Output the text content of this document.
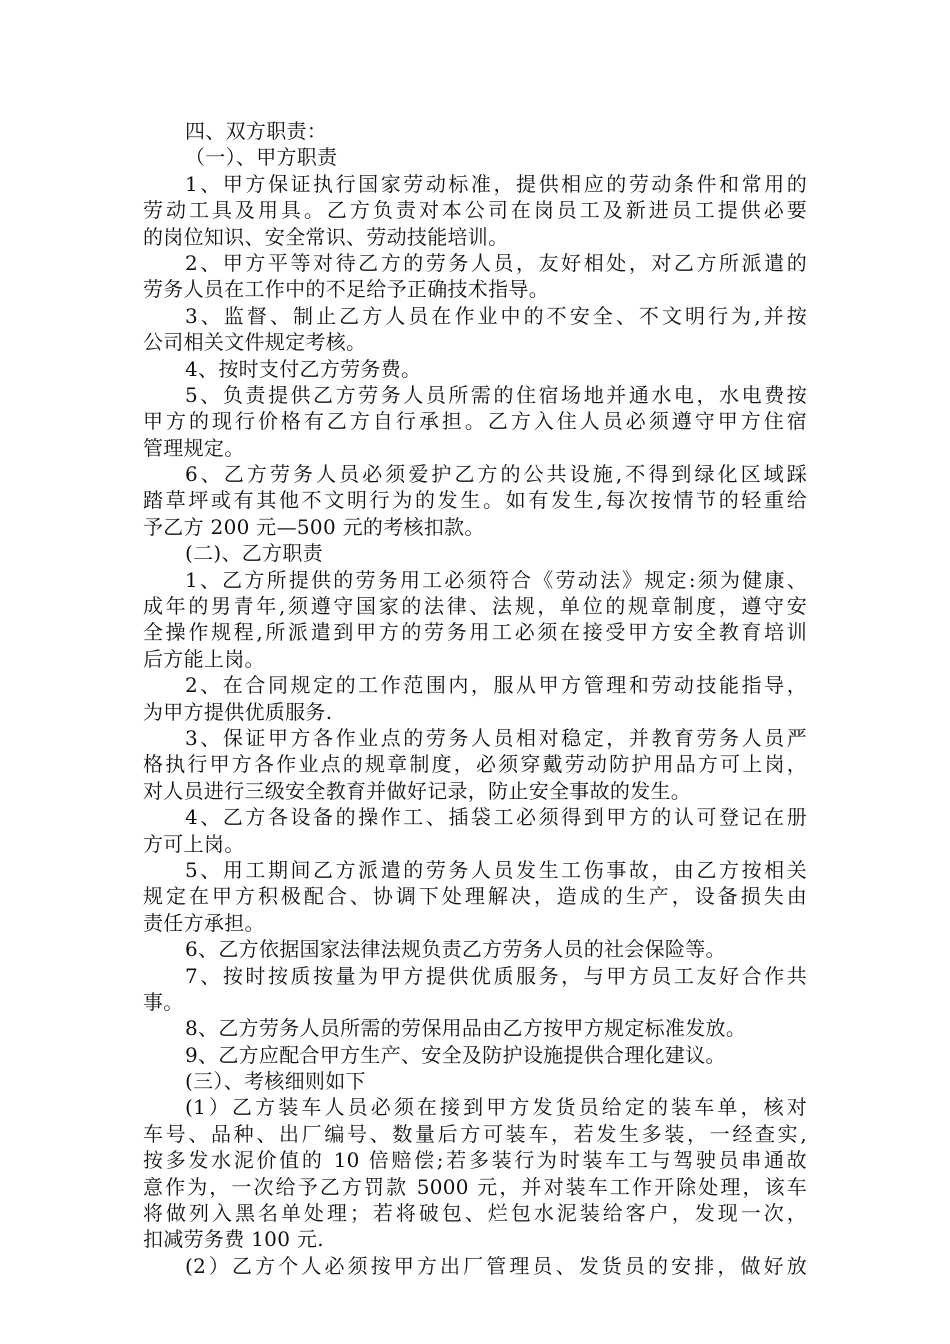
四、双方职责：
（一）、甲方职责
1、甲方保证执行国家劳动标准，提供相应的劳动条件和常用的
劳动工具及用具。乙方负责对本公司在岗员工及新进员工提供必要
的岗位知识、安全常识、劳动技能培训。
2、甲方平等对待乙方的劳务人员，友好相处，对乙方所派遣的
劳务人员在工作中的不足给予正确技术指导。
3、监督、制止乙方人员在作业中的不安全、不文明行为,并按
公司相关文件规定考核。
4、按时支付乙方劳务费。
5、负责提供乙方劳务人员所需的住宿场地并通水电，水电费按
甲方的现行价格有乙方自行承担。乙方入住人员必须遵守甲方住宿
管理规定。
6、乙方劳务人员必须爱护乙方的公共设施,不得到绿化区域踩
踏草坪或有其他不文明行为的发生。如有发生,每次按情节的轻重给
予乙方 200 元—500 元的考核扣款。
(二)、乙方职责
1、乙方所提供的劳务用工必须符合《劳动法》规定:须为健康、
成年的男青年,须遵守国家的法律、法规，单位的规章制度，遵守安
全操作规程,所派遣到甲方的劳务用工必须在接受甲方安全教育培训
后方能上岗。
2、在合同规定的工作范围内，服从甲方管理和劳动技能指导，
为甲方提供优质服务.
3、保证甲方各作业点的劳务人员相对稳定，并教育劳务人员严
格执行甲方各作业点的规章制度，必须穿戴劳动防护用品方可上岗，
对人员进行三级安全教育并做好记录，防止安全事故的发生。
4、乙方各设备的操作工、插袋工必须得到甲方的认可登记在册
方可上岗。
5、用工期间乙方派遣的劳务人员发生工伤事故，由乙方按相关
规定在甲方积极配合、协调下处理解决，造成的生产，设备损失由
责任方承担。
6、乙方依据国家法律法规负责乙方劳务人员的社会保险等。
7、按时按质按量为甲方提供优质服务，与甲方员工友好合作共
事。
8、乙方劳务人员所需的劳保用品由乙方按甲方规定标准发放。
9、乙方应配合甲方生产、安全及防护设施提供合理化建议。
(三）、考核细则如下
(1）乙方装车人员必须在接到甲方发货员给定的装车单，核对
车号、品种、出厂编号、数量后方可装车，若发生多装，一经查实,
按多发水泥价值的 10 倍赔偿;若多装行为时装车工与驾驶员串通故
意作为，一次给予乙方罚款 5000 元，并对装车工作开除处理，该车
将做列入黑名单处理；若将破包、烂包水泥装给客户，发现一次，
扣减劳务费 100 元.
(2）乙方个人必须按甲方出厂管理员、发货员的安排，做好放
